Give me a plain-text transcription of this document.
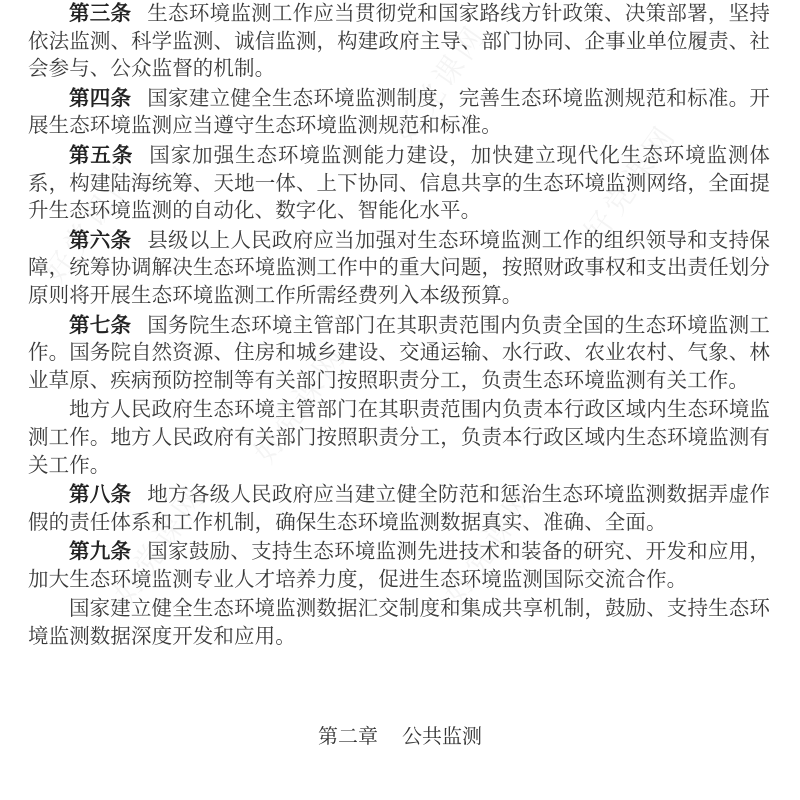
第三条 生态环境监测工作应当贯彻党和国家路线方针政策、决策部署，坚持依法监测、科学监测、诚信监测，构建政府主导、部门协同、企事业单位履责、社会参与、公众监督的机制。

第四条 国家建立健全生态环境监测制度，完善生态环境监测规范和标准。开展生态环境监测应当遵守生态环境监测规范和标准。

第五条 国家加强生态环境监测能力建设，加快建立现代化生态环境监测体系，构建陆海统筹、天地一体、上下协同、信息共享的生态环境监测网络，全面提升生态环境监测的自动化、数字化、智能化水平。

第六条 县级以上人民政府应当加强对生态环境监测工作的组织领导和支持保障，统筹协调解决生态环境监测工作中的重大问题，按照财政事权和支出责任划分原则将开展生态环境监测工作所需经费列入本级预算。

第七条 国务院生态环境主管部门在其职责范围内负责全国的生态环境监测工作。国务院自然资源、住房和城乡建设、交通运输、水行政、农业农村、气象、林业草原、疾病预防控制等有关部门按照职责分工，负责生态环境监测有关工作。

地方人民政府生态环境主管部门在其职责范围内负责本行政区域内生态环境监测工作。地方人民政府有关部门按照职责分工，负责本行政区域内生态环境监测有关工作。

第八条 地方各级人民政府应当建立健全防范和惩治生态环境监测数据弄虚作假的责任体系和工作机制，确保生态环境监测数据真实、准确、全面。

第九条 国家鼓励、支持生态环境监测先进技术和装备的研究、开发和应用，加大生态环境监测专业人才培养力度，促进生态环境监测国际交流合作。

国家建立健全生态环境监测数据汇交制度和集成共享机制，鼓励、支持生态环境监测数据深度开发和应用。

第二章 公共监测
